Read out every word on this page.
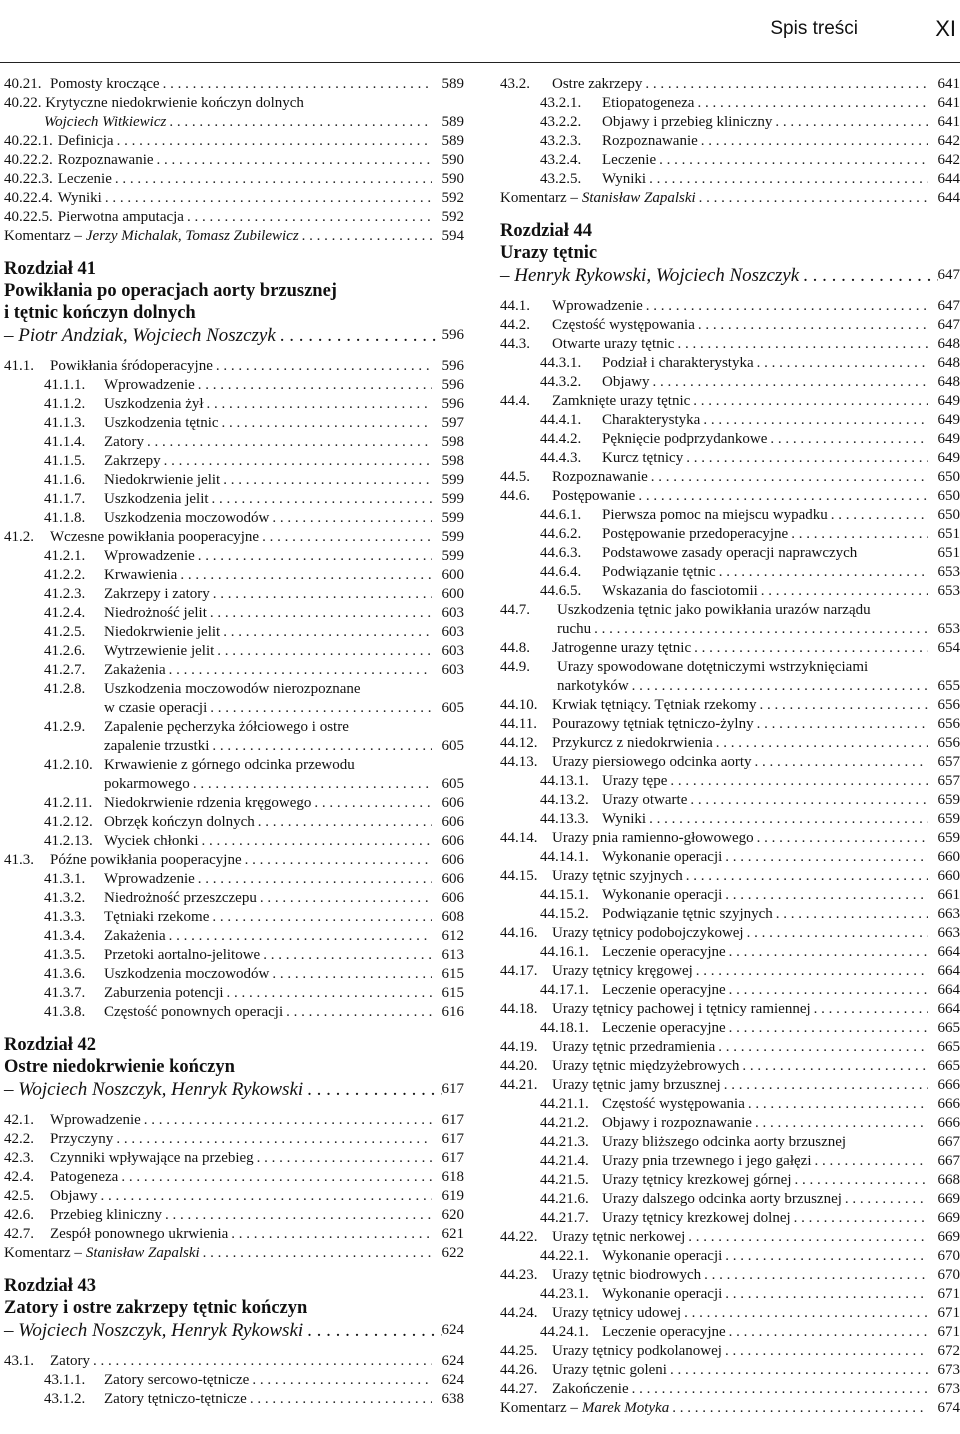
Spis treści	XI
40.21. Pomosty kroczące . . .	589
40.22. Krytyczne niedokrwienie kończyn dolnych
Wojciech Witkiewicz . . .	589
40.22.1. Definicja . . .	589
40.22.2. Rozpoznawanie . . .	590
40.22.3. Leczenie . . .	590
40.22.4. Wyniki . . .	592
40.22.5. Pierwotna amputacja . . .	592
Komentarz – Jerzy Michalak, Tomasz Zubilewicz . . .	594
Rozdział 41
Powikłania po operacjach aorty brzusznej
i tętnic kończyn dolnych
– Piotr Andziak, Wojciech Noszczyk . . .	596
41.1.	Powikłania śródoperacyjne . . .	596
41.1.1.	Wprowadzenie . . .	596
41.1.2.	Uszkodzenia żył . . .	596
41.1.3.	Uszkodzenia tętnic . . .	597
41.1.4.	Zatory . . .	598
41.1.5.	Zakrzepy . . .	598
41.1.6.	Niedokrwienie jelit . . .	599
41.1.7.	Uszkodzenia jelit . . .	599
41.1.8.	Uszkodzenia moczowodów . . .	599
41.2.	Wczesne powikłania pooperacyjne . . .	599
41.2.1.	Wprowadzenie . . .	599
41.2.2.	Krwawienia . . .	600
41.2.3.	Zakrzepy i zatory . . .	600
41.2.4.	Niedrożność jelit . . .	603
41.2.5.	Niedokrwienie jelit . . .	603
41.2.6.	Wytrzewienie jelit . . .	603
41.2.7.	Zakażenia . . .	603
41.2.8. Uszkodzenia moczowodów nierozpoznane
w czasie operacji . . .	605
41.2.9. Zapalenie pęcherzyka żółciowego i ostre
zapalenie trzustki . . .	605
41.2.10. Krwawienie z górnego odcinka przewodu
pokarmowego . . .	605
41.2.11. Niedokrwienie rdzenia kręgowego . . .	606
41.2.12. Obrzęk kończyn dolnych . . .	606
41.2.13. Wyciek chłonki . . .	606
41.3.	Późne powikłania pooperacyjne . . .	606
41.3.1.	Wprowadzenie . . .	606
41.3.2.	Niedrożność przeszczepu . . .	606
41.3.3.	Tętniaki rzekome . . .	608
41.3.4.	Zakażenia . . .	612
41.3.5.	Przetoki aortalno-jelitowe . . .	613
41.3.6.	Uszkodzenia moczowodów . . .	615
41.3.7.	Zaburzenia potencji . . .	615
41.3.8.	Częstość ponownych operacji . . .	616
Rozdział 42
Ostre niedokrwienie kończyn
– Wojciech Noszczyk, Henryk Rykowski . . .	617
42.1.	Wprowadzenie . . .	617
42.2.	Przyczyny . . .	617
42.3.	Czynniki wpływające na przebieg . . .	617
42.4.	Patogeneza . . .	618
42.5.	Objawy . . .	619
42.6.	Przebieg kliniczny . . .	620
42.7.	Zespół ponownego ukrwienia . . .	621
Komentarz – Stanisław Zapalski . . .	622
Rozdział 43
Zatory i ostre zakrzepy tętnic kończyn
– Wojciech Noszczyk, Henryk Rykowski . . .	624
43.1.	Zatory . . .	624
43.1.1.	Zatory sercowo-tętnicze . . .	624
43.1.2.	Zatory tętniczo-tętnicze . . .	638
43.2.	Ostre zakrzepy . . .	641
43.2.1.	Etiopatogeneza . . .	641
43.2.2.	Objawy i przebieg kliniczny . . .	641
43.2.3.	Rozpoznawanie . . .	642
43.2.4.	Leczenie . . .	642
43.2.5.	Wyniki . . .	644
Komentarz – Stanisław Zapalski . . .	644
Rozdział 44
Urazy tętnic
– Henryk Rykowski, Wojciech Noszczyk . . .	647
44.1.	Wprowadzenie . . .	647
44.2.	Częstość występowania . . .	647
44.3.	Otwarte urazy tętnic . . .	648
44.3.1.	Podział i charakterystyka . . .	648
44.3.2.	Objawy . . .	648
44.4.	Zamknięte urazy tętnic . . .	649
44.4.1.	Charakterystyka . . .	649
44.4.2.	Pęknięcie podprzydankowe . . .	649
44.4.3.	Kurcz tętnicy . . .	649
44.5.	Rozpoznawanie . . .	650
44.6.	Postępowanie . . .	650
44.6.1.	Pierwsza pomoc na miejscu wypadku . . .	650
44.6.2.	Postępowanie przedoperacyjne . . .	651
44.6.3.	Podstawowe zasady operacji naprawczych	651
44.6.4.	Podwiązanie tętnic . . .	653
44.6.5.	Wskazania do fasciotomii . . .	653
44.7. Uszkodzenia tętnic jako powikłania urazów narządu
ruchu . . .	653
44.8.	Jatrogenne urazy tętnic . . .	654
44.9. Urazy spowodowane dotętniczymi wstrzyknięciami
narkotyków . . .	655
44.10. Krwiak tętniący. Tętniak rzekomy . . .	656
44.11.	Pourazowy tętniak tętniczo-żylny . . .	656
44.12. Przykurcz z niedokrwienia . . .	656
44.13. Urazy piersiowego odcinka aorty . . .	657
44.13.1. Urazy tępe . . .	657
44.13.2. Urazy otwarte . . .	659
44.13.3. Wyniki . . .	659
44.14. Urazy pnia ramienno-głowowego . . .	659
44.14.1. Wykonanie operacji . . .	660
44.15. Urazy tętnic szyjnych . . .	660
44.15.1. Wykonanie operacji . . .	661
44.15.2. Podwiązanie tętnic szyjnych . . .	663
44.16. Urazy tętnicy podobojczykowej . . .	663
44.16.1. Leczenie operacyjne . . .	664
44.17. Urazy tętnicy kręgowej . . .	664
44.17.1. Leczenie operacyjne . . .	664
44.18. Urazy tętnicy pachowej i tętnicy ramiennej . . .	664
44.18.1. Leczenie operacyjne . . .	665
44.19. Urazy tętnic przedramienia . . .	665
44.20. Urazy tętnic międzyżebrowych . . .	665
44.21. Urazy tętnic jamy brzusznej . . .	666
44.21.1. Częstość występowania . . .	666
44.21.2. Objawy i rozpoznawanie . . .	666
44.21.3. Urazy bliższego odcinka aorty brzusznej	667
44.21.4. Urazy pnia trzewnego i jego gałęzi . . .	667
44.21.5. Urazy tętnicy krezkowej górnej . . .	668
44.21.6. Urazy dalszego odcinka aorty brzusznej . . .	669
44.21.7. Urazy tętnicy krezkowej dolnej . . .	669
44.22. Urazy tętnic nerkowej . . .	669
44.22.1. Wykonanie operacji . . .	670
44.23. Urazy tętnic biodrowych . . .	670
44.23.1. Wykonanie operacji . . .	671
44.24. Urazy tętnicy udowej . . .	671
44.24.1. Leczenie operacyjne . . .	671
44.25. Urazy tętnicy podkolanowej . . .	672
44.26. Urazy tętnic goleni . . .	673
44.27. Zakończenie . . .	673
Komentarz – Marek Motyka . . .	674
